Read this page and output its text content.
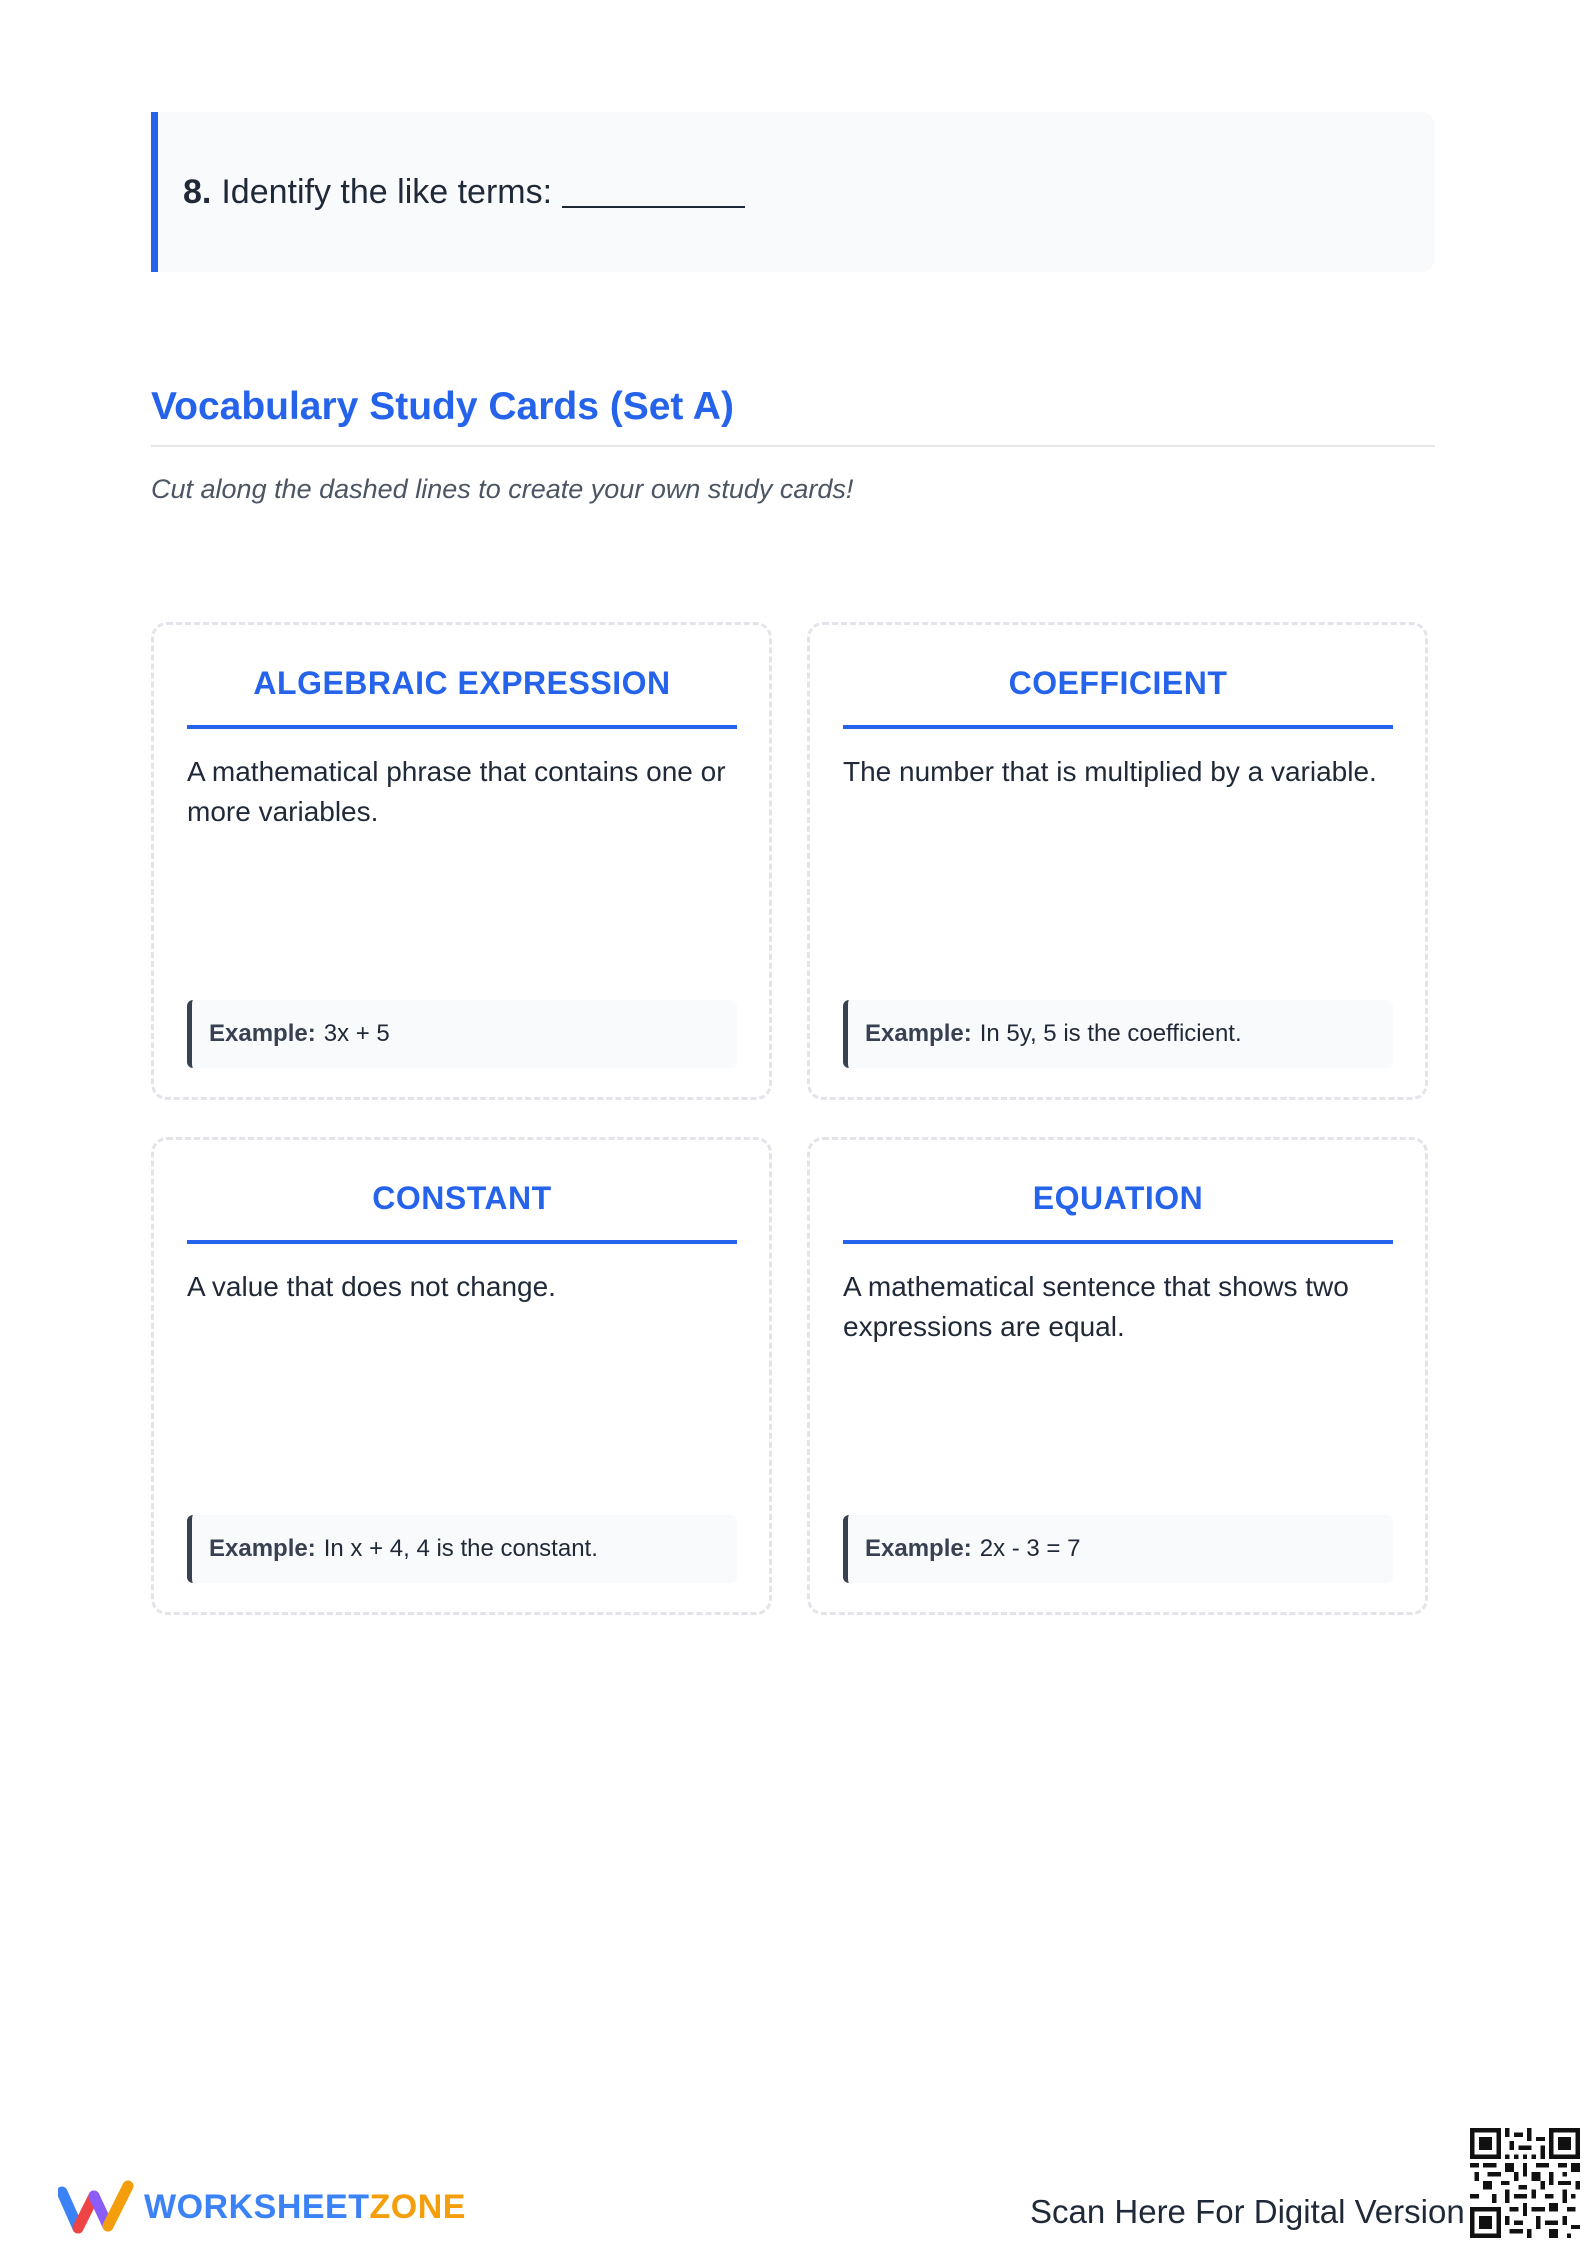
8. Identify the like terms:
Vocabulary Study Cards (Set A)
Cut along the dashed lines to create your own study cards!
ALGEBRAIC EXPRESSION
A mathematical phrase that contains one or more variables.
Example: 3x + 5
COEFFICIENT
The number that is multiplied by a variable.
Example: In 5y, 5 is the coefficient.
CONSTANT
A value that does not change.
Example: In x + 4, 4 is the constant.
EQUATION
A mathematical sentence that shows two expressions are equal.
Example: 2x - 3 = 7
WORKSHEETZONE	Scan Here For Digital Version
